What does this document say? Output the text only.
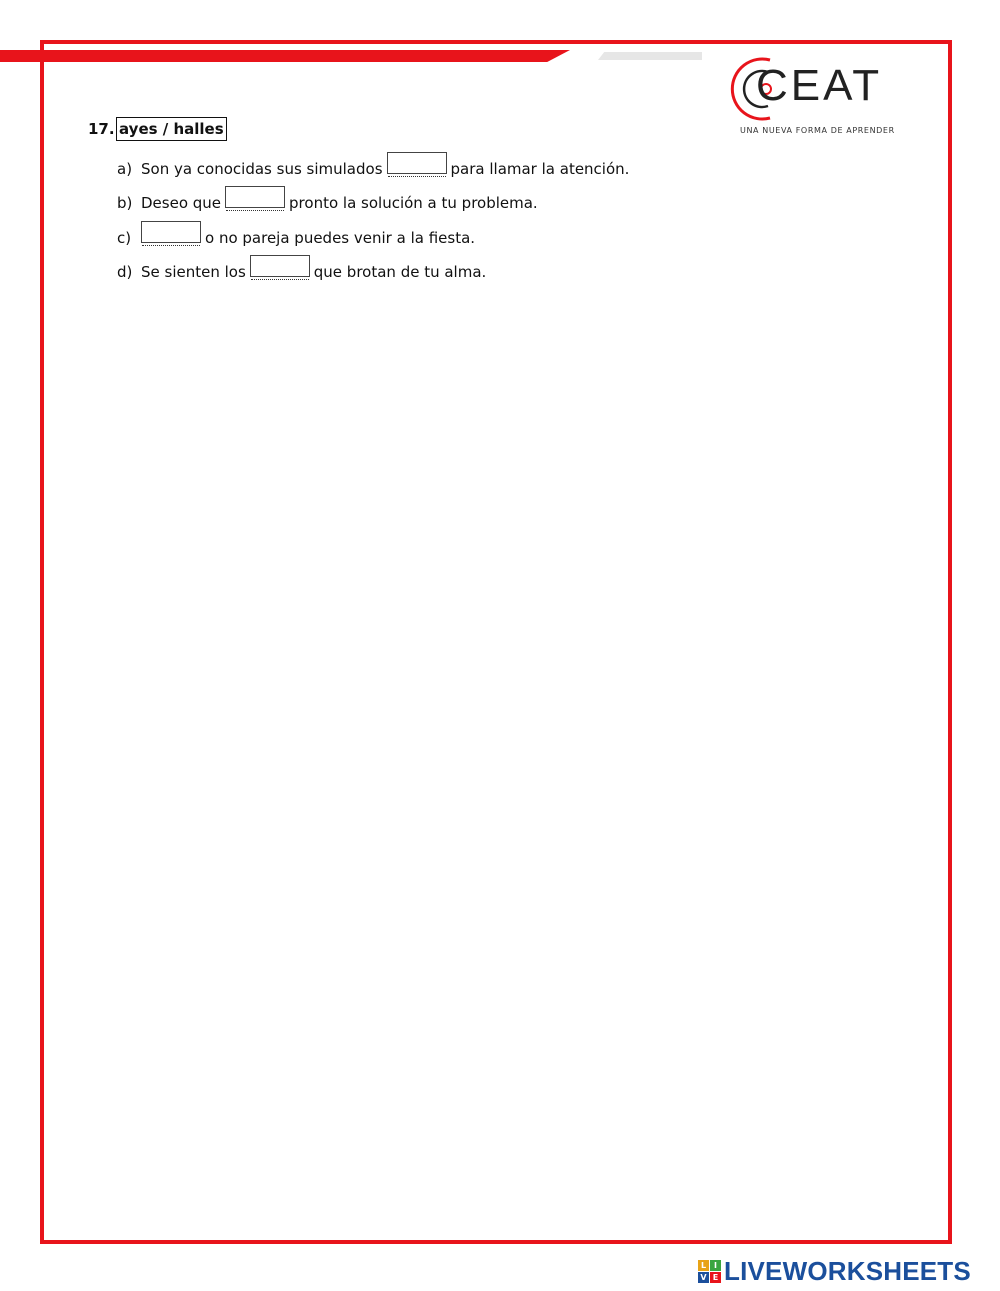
CEAT
UNA NUEVA FORMA DE APRENDER
17. ayes / halles
a) Son ya conocidas sus simulados	para llamar la atención.
b) Deseo que	pronto la solución a tu problema.
c)	o no pareja puedes venir a la fiesta.
d) Se sienten los	que brotan de tu alma.
L I
V E LIVEWORKSHEETS
